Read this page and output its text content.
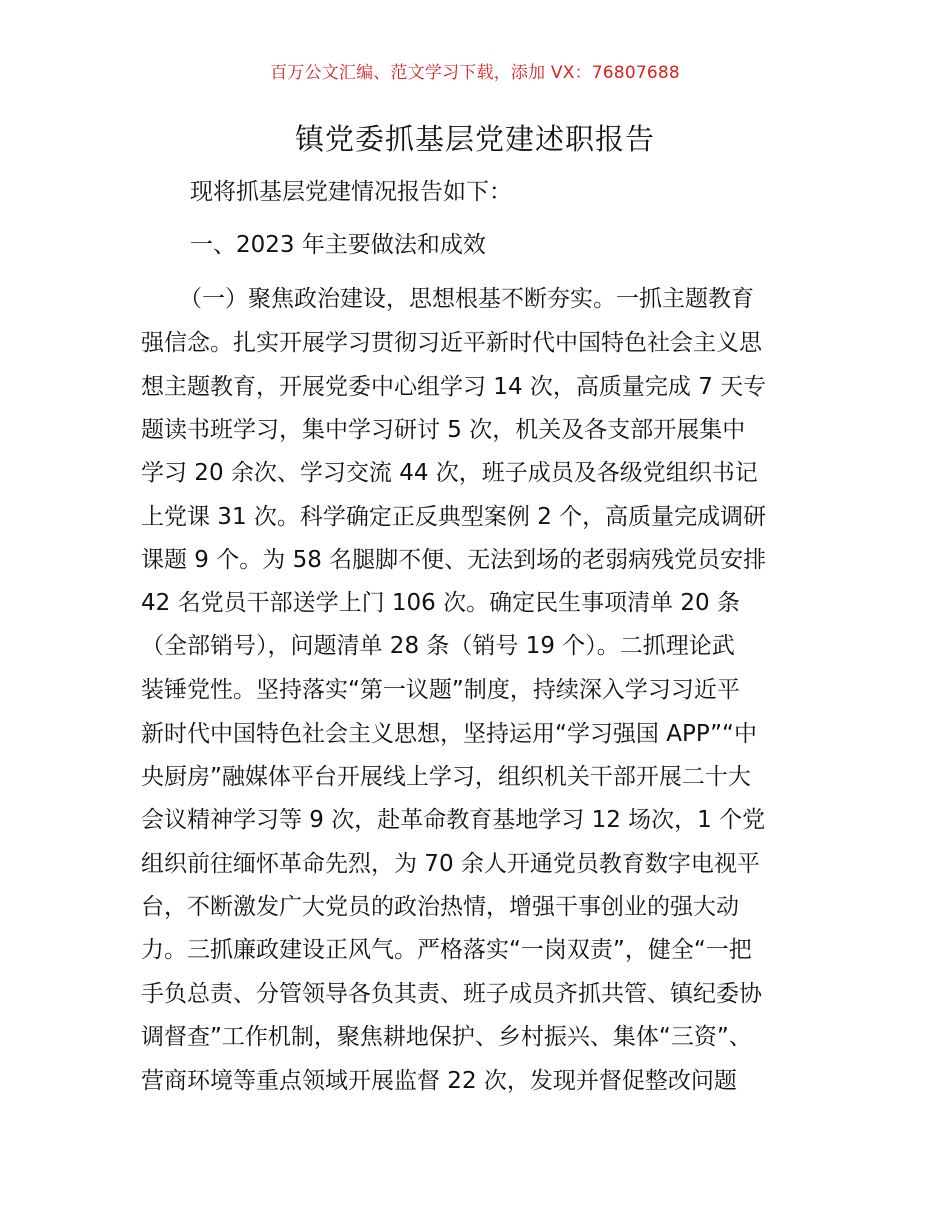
百万公文汇编、范文学习下载，添加 VX：76807688
镇党委抓基层党建述职报告
现将抓基层党建情况报告如下：
一、2023 年主要做法和成效
（一）聚焦政治建设，思想根基不断夯实。一抓主题教育
强信念。扎实开展学习贯彻习近平新时代中国特色社会主义思
想主题教育，开展党委中心组学习 14 次，高质量完成 7 天专
题读书班学习，集中学习研讨 5 次，机关及各支部开展集中
学习 20 余次、学习交流 44 次，班子成员及各级党组织书记
上党课 31 次。科学确定正反典型案例 2 个，高质量完成调研
课题 9 个。为 58 名腿脚不便、无法到场的老弱病残党员安排
42 名党员干部送学上门 106 次。确定民生事项清单 20 条
（全部销号），问题清单 28 条（销号 19 个）。二抓理论武
装锤党性。坚持落实“第一议题”制度，持续深入学习习近平
新时代中国特色社会主义思想，坚持运用“学习强国 APP”“中
央厨房”融媒体平台开展线上学习，组织机关干部开展二十大
会议精神学习等 9 次，赴革命教育基地学习 12 场次，1 个党
组织前往缅怀革命先烈，为 70 余人开通党员教育数字电视平
台，不断激发广大党员的政治热情，增强干事创业的强大动
力。三抓廉政建设正风气。严格落实“一岗双责”，健全“一把
手负总责、分管领导各负其责、班子成员齐抓共管、镇纪委协
调督查”工作机制，聚焦耕地保护、乡村振兴、集体“三资”、
营商环境等重点领域开展监督 22 次，发现并督促整改问题
